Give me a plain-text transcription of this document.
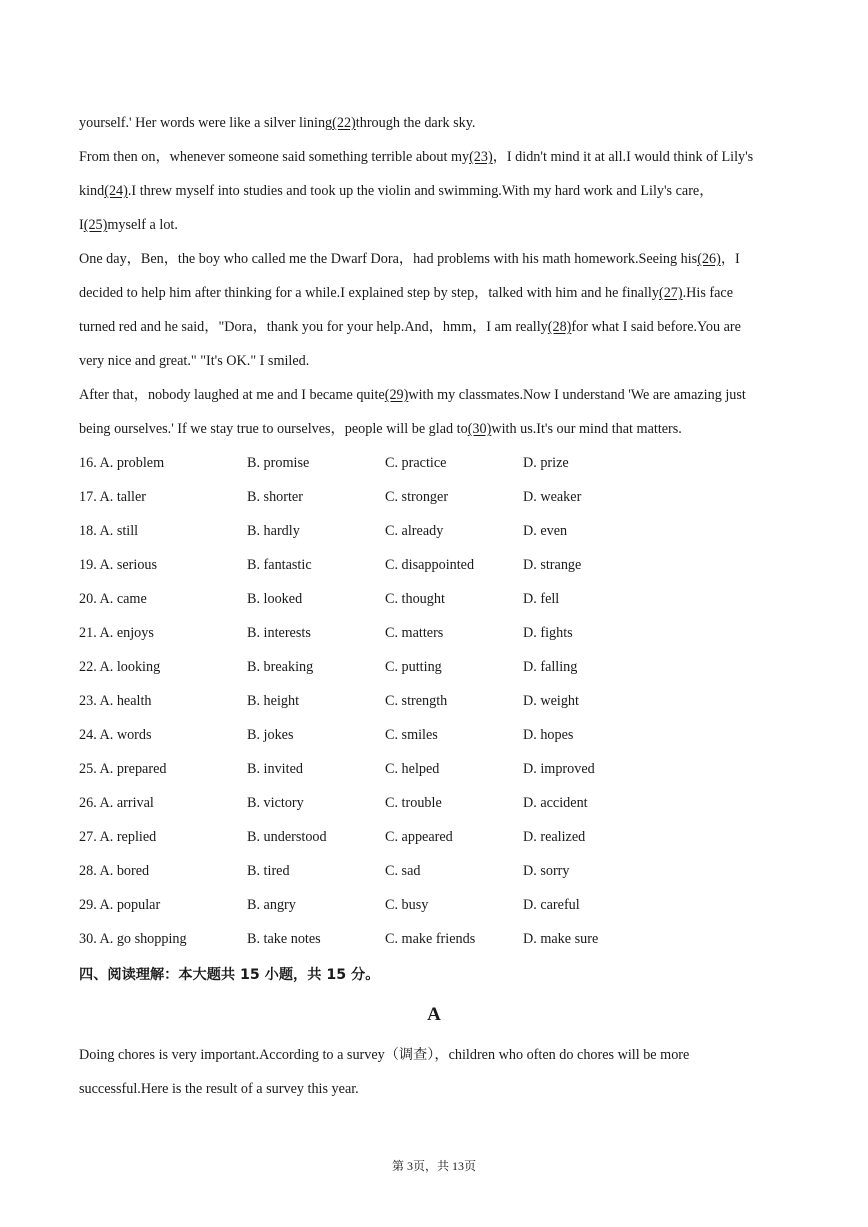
yourself.' Her words were like a silver lining(22)through the dark sky.
From then on，whenever someone said something terrible about my(23)，I didn't mind it at all.I would think of Lily's
kind(24).I threw myself into studies and took up the violin and swimming.With my hard work and Lily's care，
I(25)myself a lot.
One day，Ben，the boy who called me the Dwarf Dora，had problems with his math homework.Seeing his(26)，I
decided to help him after thinking for a while.I explained step by step，talked with him and he finally(27).His face
turned red and he said，"Dora，thank you for your help.And，hmm，I am really(28)for what I said before.You are
very nice and great." "It's OK." I smiled.
After that，nobody laughed at me and I became quite(29)with my classmates.Now I understand 'We are amazing just
being ourselves.' If we stay true to ourselves，people will be glad to(30)with us.It's our mind that matters.
16. A. problem	B. promise	C. practice	D. prize
17. A. taller	B. shorter	C. stronger	D. weaker
18. A. still	B. hardly	C. already	D. even
19. A. serious	B. fantastic	C. disappointed	D. strange
20. A. came	B. looked	C. thought	D. fell
21. A. enjoys	B. interests	C. matters	D. fights
22. A. looking	B. breaking	C. putting	D. falling
23. A. health	B. height	C. strength	D. weight
24. A. words	B. jokes	C. smiles	D. hopes
25. A. prepared	B. invited	C. helped	D. improved
26. A. arrival	B. victory	C. trouble	D. accident
27. A. replied	B. understood	C. appeared	D. realized
28. A. bored	B. tired	C. sad	D. sorry
29. A. popular	B. angry	C. busy	D. careful
30. A. go shopping	B. take notes	C. make friends	D. make sure
四、阅读理解：本大题共 15 小题，共 15 分。
A
Doing chores is very important.According to a survey（调查），children who often do chores will be more
successful.Here is the result of a survey this year.
第 3页，共 13页
